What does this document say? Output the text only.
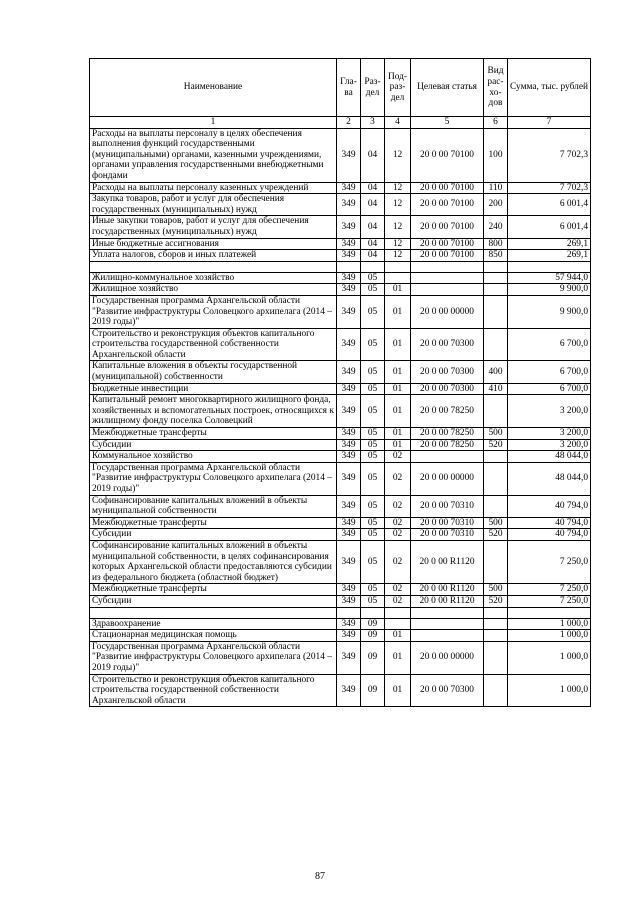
Наименование	Гла-ва	Раз-дел	Под-раз-дел	Целевая статья	Вид рас-хо-дов	Сумма, тыс. рублей
1	2	3	4	5	6	7
Расходы на выплаты персоналу в целях обеспечения выполнения функций государственными (муниципальными) органами, казенными учреждениями, органами управления государственными внебюджетными фондами	349	04	12	20 0 00 70100	100	7 702,3
Расходы на выплаты персоналу казенных учреждений	349	04	12	20 0 00 70100	110	7 702,3
Закупка товаров, работ и услуг для обеспечения государственных (муниципальных) нужд	349	04	12	20 0 00 70100	200	6 001,4
Иные закупки товаров, работ и услуг для обеспечения государственных (муниципальных) нужд	349	04	12	20 0 00 70100	240	6 001,4
Иные бюджетные ассигнования	349	04	12	20 0 00 70100	800	269,1
Уплата налогов, сборов и иных платежей	349	04	12	20 0 00 70100	850	269,1

Жилищно-коммунальное хозяйство	349	05				57 944,0
Жилищное хозяйство	349	05	01			9 900,0
Государственная программа Архангельской области "Развитие инфраструктуры Соловецкого архипелага (2014 – 2019 годы)"	349	05	01	20 0 00 00000		9 900,0
Строительство и реконструкция объектов капитального строительства государственной собственности Архангельской области	349	05	01	20 0 00 70300		6 700,0
Капитальные вложения в объекты государственной (муниципальной) собственности	349	05	01	20 0 00 70300	400	6 700,0
Бюджетные инвестиции	349	05	01	20 0 00 70300	410	6 700,0
Капитальный ремонт многоквартирного жилищного фонда, хозяйственных и вспомогательных построек, относящихся к жилищному фонду поселка Соловецкий	349	05	01	20 0 00 78250		3 200,0
Межбюджетные трансферты	349	05	01	20 0 00 78250	500	3 200,0
Субсидии	349	05	01	20 0 00 78250	520	3 200,0
Коммунальное хозяйство	349	05	02			48 044,0
Государственная программа Архангельской области "Развитие инфраструктуры Соловецкого архипелага (2014 – 2019 годы)"	349	05	02	20 0 00 00000		48 044,0
Софинансирование капитальных вложений в объекты муниципальной собственности	349	05	02	20 0 00 70310		40 794,0
Межбюджетные трансферты	349	05	02	20 0 00 70310	500	40 794,0
Субсидии	349	05	02	20 0 00 70310	520	40 794,0
Софинансирование капитальных вложений в объекты муниципальной собственности, в целях софинансирования которых Архангельской области предоставляются субсидии из федерального бюджета (областной бюджет)	349	05	02	20 0 00 R1120		7 250,0
Межбюджетные трансферты	349	05	02	20 0 00 R1120	500	7 250,0
Субсидии	349	05	02	20 0 00 R1120	520	7 250,0

Здравоохранение	349	09				1 000,0
Стационарная медицинская помощь	349	09	01			1 000,0
Государственная программа Архангельской области "Развитие инфраструктуры Соловецкого архипелага (2014 – 2019 годы)"	349	09	01	20 0 00 00000		1 000,0
Строительство и реконструкция объектов капитального строительства государственной собственности Архангельской области	349	09	01	20 0 00 70300		1 000,0
87
